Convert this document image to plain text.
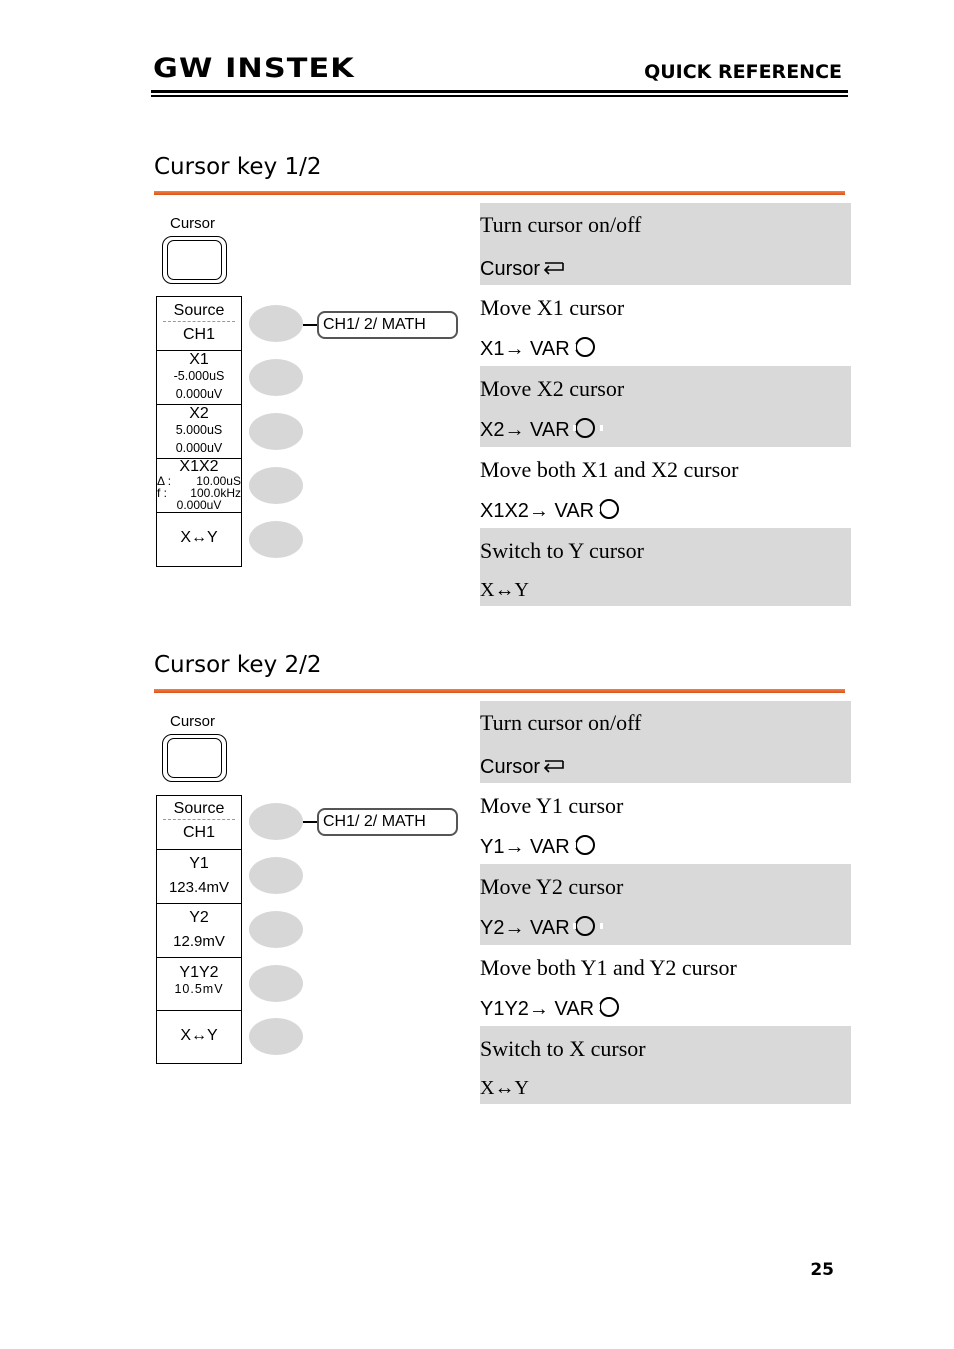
GW INSTEK	QUICK REFERENCE
Cursor key 1/2
Cursor
Source
CH1
X1
-5.000uS
0.000uV
X2
5.000uS
0.000uV
X1X2
Δ : 10.00uS
f : 100.0kHz
0.000uV
X↔Y
CH1/ 2/ MATH
Turn cursor on/off
Cursor
Move X1 cursor
X1→ VAR
Move X2 cursor
X2→ VAR
Move both X1 and X2 cursor
X1X2→ VAR
Switch to Y cursor
X↔Y
Cursor key 2/2
Cursor
Source
CH1
Y1
123.4mV
Y2
12.9mV
Y1Y2
10.5mV
X↔Y
CH1/ 2/ MATH
Turn cursor on/off
Cursor
Move Y1 cursor
Y1→ VAR
Move Y2 cursor
Y2→ VAR
Move both Y1 and Y2 cursor
Y1Y2→ VAR
Switch to X cursor
X↔Y
25
